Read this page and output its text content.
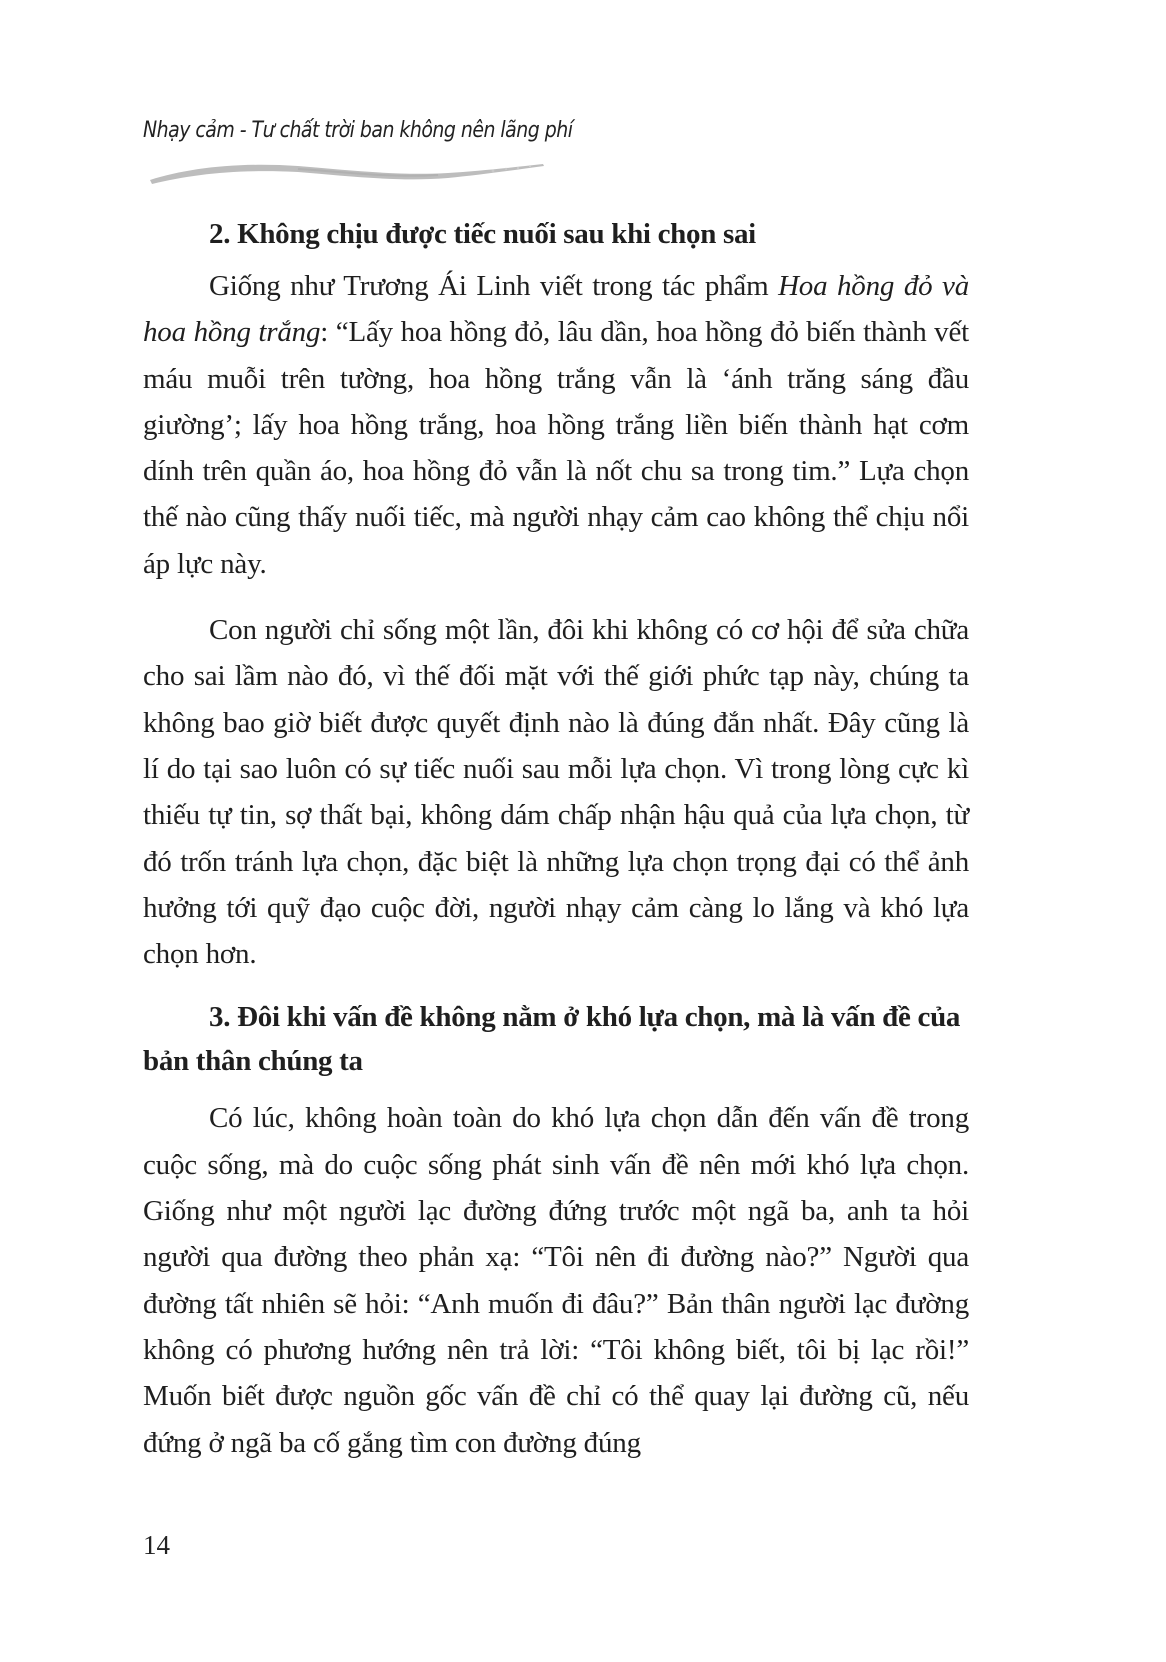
Nhạy cảm - Tư chất trời ban không nên lãng phí
2. Không chịu được tiếc nuối sau khi chọn sai

Giống như Trương Ái Linh viết trong tác phẩm Hoa hồng đỏ và hoa hồng trắng: “Lấy hoa hồng đỏ, lâu dần, hoa hồng đỏ biến thành vết máu muỗi trên tường, hoa hồng trắng vẫn là ‘ánh trăng sáng đầu giường’; lấy hoa hồng trắng, hoa hồng trắng liền biến thành hạt cơm dính trên quần áo, hoa hồng đỏ vẫn là nốt chu sa trong tim.” Lựa chọn thế nào cũng thấy nuối tiếc, mà người nhạy cảm cao không thể chịu nổi áp lực này.

Con người chỉ sống một lần, đôi khi không có cơ hội để sửa chữa cho sai lầm nào đó, vì thế đối mặt với thế giới phức tạp này, chúng ta không bao giờ biết được quyết định nào là đúng đắn nhất. Đây cũng là lí do tại sao luôn có sự tiếc nuối sau mỗi lựa chọn. Vì trong lòng cực kì thiếu tự tin, sợ thất bại, không dám chấp nhận hậu quả của lựa chọn, từ đó trốn tránh lựa chọn, đặc biệt là những lựa chọn trọng đại có thể ảnh hưởng tới quỹ đạo cuộc đời, người nhạy cảm càng lo lắng và khó lựa chọn hơn.

3. Đôi khi vấn đề không nằm ở khó lựa chọn, mà là vấn đề của bản thân chúng ta

Có lúc, không hoàn toàn do khó lựa chọn dẫn đến vấn đề trong cuộc sống, mà do cuộc sống phát sinh vấn đề nên mới khó lựa chọn. Giống như một người lạc đường đứng trước một ngã ba, anh ta hỏi người qua đường theo phản xạ: “Tôi nên đi đường nào?” Người qua đường tất nhiên sẽ hỏi: “Anh muốn đi đâu?” Bản thân người lạc đường không có phương hướng nên trả lời: “Tôi không biết, tôi bị lạc rồi!” Muốn biết được nguồn gốc vấn đề chỉ có thể quay lại đường cũ, nếu đứng ở ngã ba cố gắng tìm con đường đúng

14
